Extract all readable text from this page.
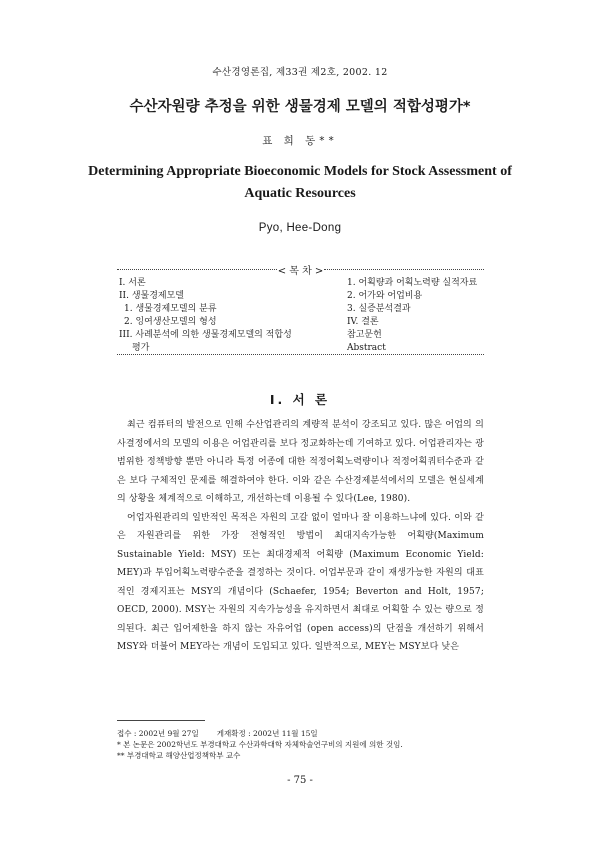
수산경영론집, 제33권 제2호, 2002. 12
수산자원량 추정을 위한 생물경제 모델의 적합성평가*
표 희 동**
Determining Appropriate Bioeconomic Models for Stock Assessment of Aquatic Resources
Pyo, Hee-Dong
< 목 차 >
I. 서론
II. 생물경제모델
1. 생물경제모델의 분류
2. 잉여생산모델의 형성
III. 사례분석에 의한 생물경제모델의 적합성
평가
1. 어획량과 어획노력량 실적자료
2. 어가와 어업비용
3. 실증분석결과
IV. 결론
참고문헌
Abstract
I. 서 론

최근 컴퓨터의 발전으로 인해 수산업관리의 계량적 분석이 강조되고 있다. 많은 어업의 의사결정에서의 모델의 이용은 어업관리를 보다 정교화하는데 기여하고 있다. 어업관리자는 광범위한 정책방향 뿐만 아니라 특정 어종에 대한 적정어획노력량이나 적정어획쿼터수준과 같은 보다 구체적인 문제를 해결하여야 한다. 이와 같은 수산경제분석에서의 모델은 현실세계의 상황을 체계적으로 이해하고, 개선하는데 이용될 수 있다(Lee, 1980).

어업자원관리의 일반적인 목적은 자원의 고갈 없이 얼마나 잘 이용하느냐에 있다. 이와 같은 자원관리를 위한 가장 전형적인 방법이 최대지속가능한 어획량(Maximum Sustainable Yield: MSY) 또는 최대경제적 어획량 (Maximum Economic Yield: MEY)과 투입어획노력량수준을 결정하는 것이다. 어업부문과 같이 재생가능한 자원의 대표적인 경제지표는 MSY의 개념이다 (Schaefer, 1954; Beverton and Holt, 1957; OECD, 2000). MSY는 자원의 지속가능성을 유지하면서 최대로 어획할 수 있는 량으로 정의된다. 최근 입어제한을 하지 않는 자유어업 (open access)의 단점을 개선하기 위해서 MSY와 더불어 MEY라는 개념이 도입되고 있다. 일반적으로, MEY는 MSY보다 낮은

접수 : 2002년 9월 27일 게재확정 : 2002년 11월 15일
* 본 논문은 2002학년도 부경대학교 수산과학대학 자체학술연구비의 지원에 의한 것임.
** 부경대학교 해양산업정책학부 교수
- 75 -
